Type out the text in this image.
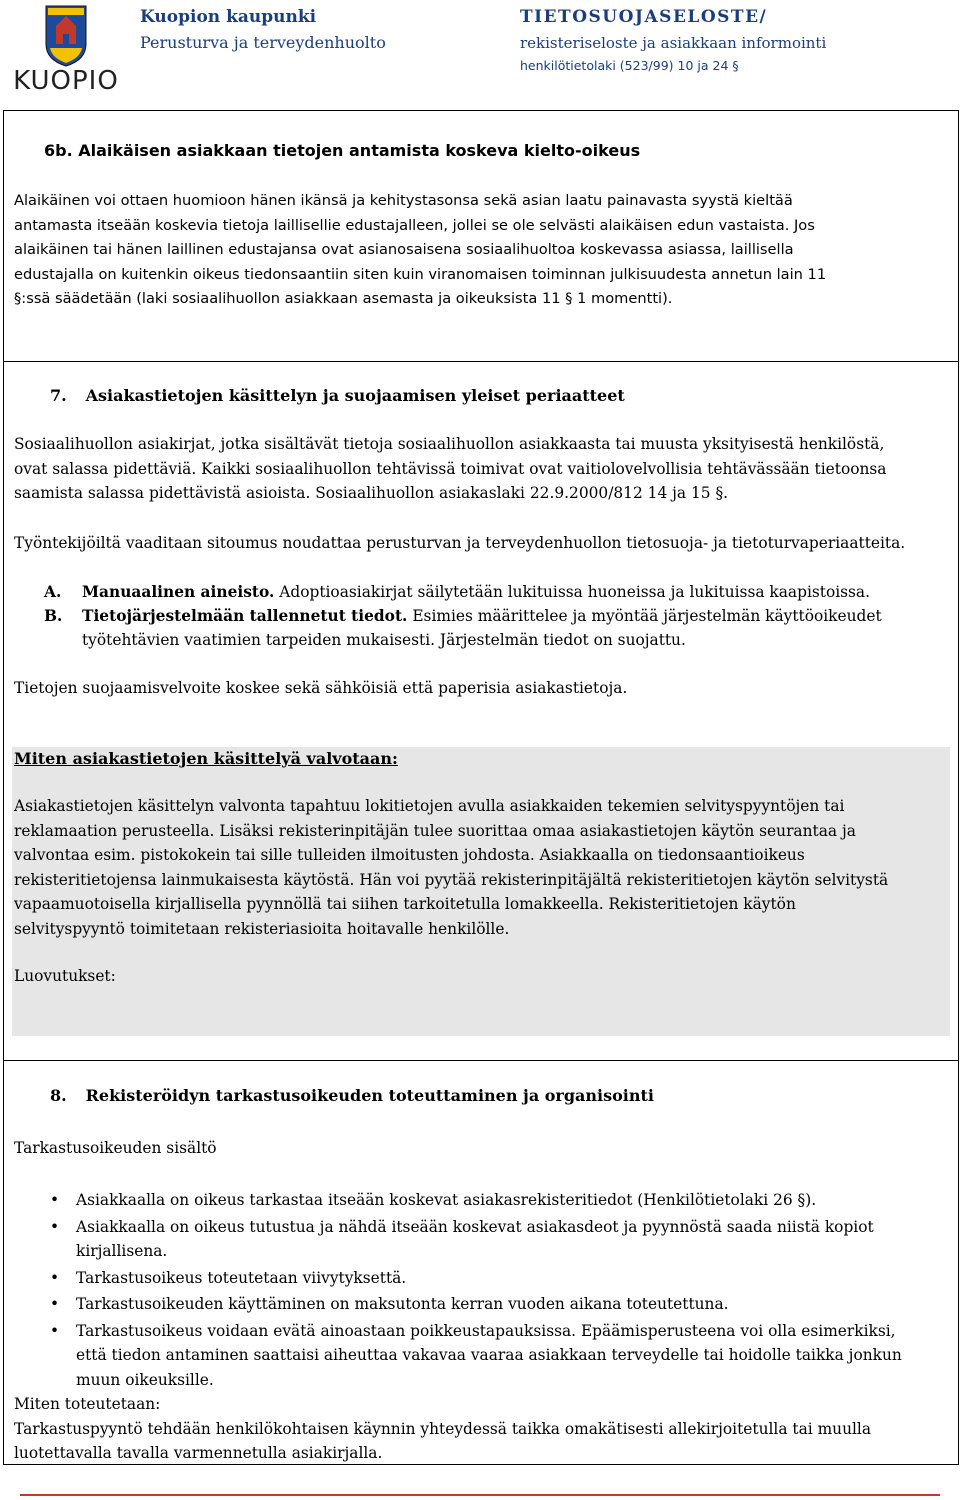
KUOPIO
Kuopion kaupunki
Perusturva ja terveydenhuolto
TIETOSUOJASELOSTE/
rekisteriseloste ja asiakkaan informointi
henkilötietolaki (523/99) 10 ja 24 §
6b. Alaikäisen asiakkaan tietojen antamista koskeva kielto-oikeus
Alaikäinen voi ottaen huomioon hänen ikänsä ja kehitystasonsa sekä asian laatu painavasta syystä kieltää
antamasta itseään koskevia tietoja laillisellie edustajalleen, jollei se ole selvästi alaikäisen edun vastaista. Jos
alaikäinen tai hänen laillinen edustajansa ovat asianosaisena sosiaalihuoltoa koskevassa asiassa, laillisella
edustajalla on kuitenkin oikeus tiedonsaantiin siten kuin viranomaisen toiminnan julkisuudesta annetun lain 11
§:ssä säädetään (laki sosiaalihuollon asiakkaan asemasta ja oikeuksista 11 § 1 momentti).
7. Asiakastietojen käsittelyn ja suojaamisen yleiset periaatteet
Sosiaalihuollon asiakirjat, jotka sisältävät tietoja sosiaalihuollon asiakkaasta tai muusta yksityisestä henkilöstä,
ovat salassa pidettäviä. Kaikki sosiaalihuollon tehtävissä toimivat ovat vaitiolovelvollisia tehtävässään tietoonsa
saamista salassa pidettävistä asioista. Sosiaalihuollon asiakaslaki 22.9.2000/812 14 ja 15 §.
Työntekijöiltä vaaditaan sitoumus noudattaa perusturvan ja terveydenhuollon tietosuoja- ja tietoturvaperiaatteita.
A. Manuaalinen aineisto. Adoptioasiakirjat säilytetään lukituissa huoneissa ja lukituissa kaapistoissa.
B. Tietojärjestelmään tallennetut tiedot. Esimies määrittelee ja myöntää järjestelmän käyttöoikeudet
työtehtävien vaatimien tarpeiden mukaisesti. Järjestelmän tiedot on suojattu.
Tietojen suojaamisvelvoite koskee sekä sähköisiä että paperisia asiakastietoja.
Miten asiakastietojen käsittelyä valvotaan:
Asiakastietojen käsittelyn valvonta tapahtuu lokitietojen avulla asiakkaiden tekemien selvityspyyntöjen tai
reklamaation perusteella. Lisäksi rekisterinpitäjän tulee suorittaa omaa asiakastietojen käytön seurantaa ja
valvontaa esim. pistokokein tai sille tulleiden ilmoitusten johdosta. Asiakkaalla on tiedonsaantioikeus
rekisteritietojensa lainmukaisesta käytöstä. Hän voi pyytää rekisterinpitäjältä rekisteritietojen käytön selvitystä
vapaamuotoisella kirjallisella pyynnöllä tai siihen tarkoitetulla lomakkeella. Rekisteritietojen käytön
selvityspyyntö toimitetaan rekisteriasioita hoitavalle henkilölle.
Luovutukset:
8. Rekisteröidyn tarkastusoikeuden toteuttaminen ja organisointi
Tarkastusoikeuden sisältö
• Asiakkaalla on oikeus tarkastaa itseään koskevat asiakasrekisteritiedot (Henkilötietolaki 26 §).
• Asiakkaalla on oikeus tutustua ja nähdä itseään koskevat asiakasdeot ja pyynnöstä saada niistä kopiot
kirjallisena.
• Tarkastusoikeus toteutetaan viivytyksettä.
• Tarkastusoikeuden käyttäminen on maksutonta kerran vuoden aikana toteutettuna.
• Tarkastusoikeus voidaan evätä ainoastaan poikkeustapauksissa. Epäämisperusteena voi olla esimerkiksi,
että tiedon antaminen saattaisi aiheuttaa vakavaa vaaraa asiakkaan terveydelle tai hoidolle taikka jonkun
muun oikeuksille.
Miten toteutetaan:
Tarkastuspyyntö tehdään henkilökohtaisen käynnin yhteydessä taikka omakätisesti allekirjoitetulla tai muulla
luotettavalla tavalla varmennetulla asiakirjalla.
